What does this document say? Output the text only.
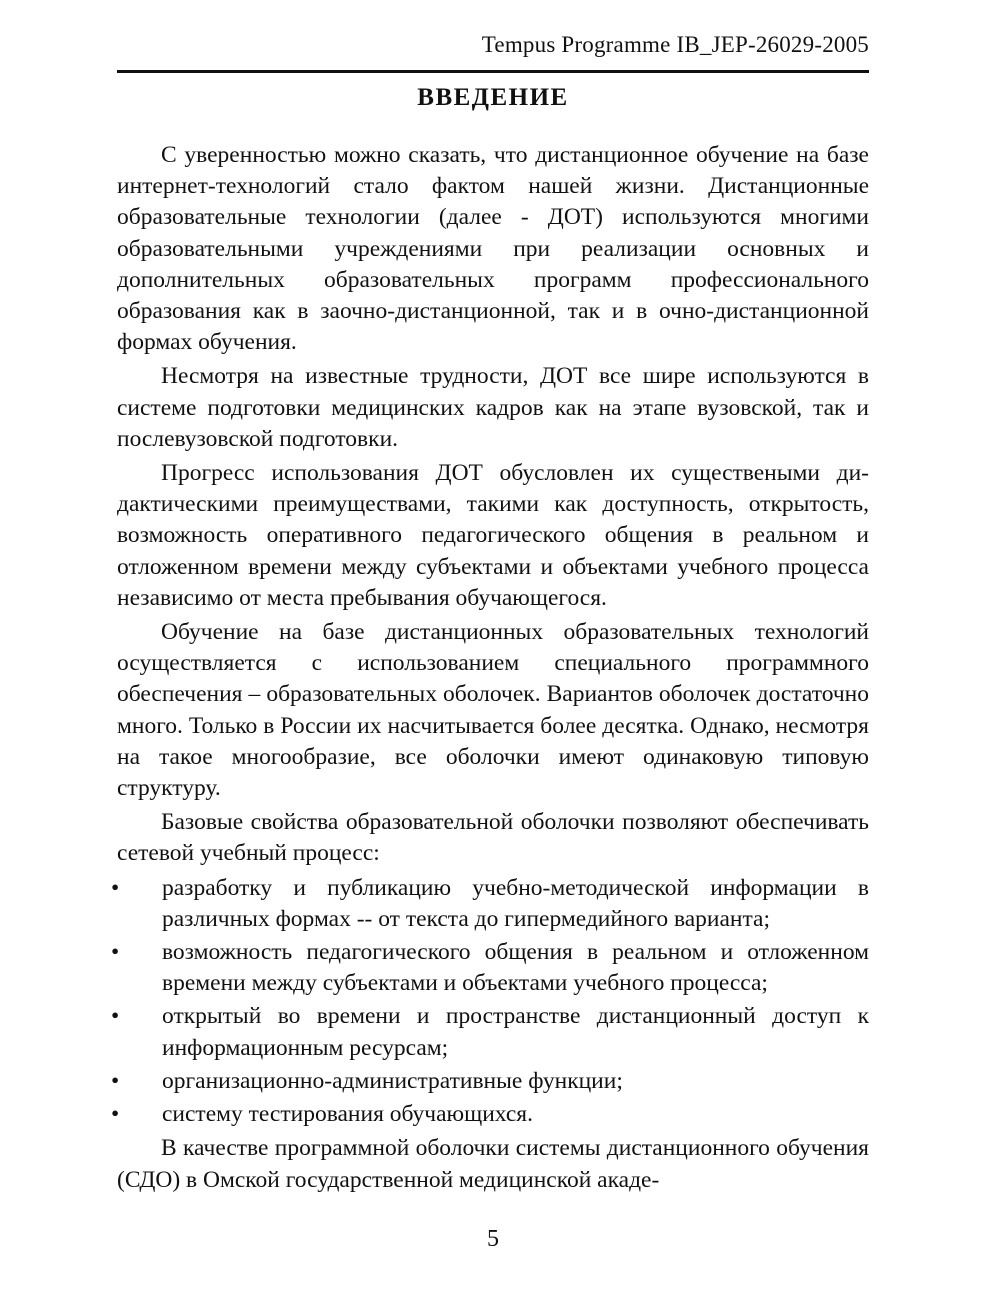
Tempus Programme IB_JEP-26029-2005
ВВЕДЕНИЕ

С уверенностью можно сказать, что дистанционное обучение на базе интернет-технологий стало фактом нашей жизни. Дистанционные образовательные технологии (далее - ДОТ) используются многими образовательными учреждениями при реализации основных и дополнительных образовательных программ профессионального образования как в заочно-дистанционной, так и в очно-дистанционной формах обучения.

Несмотря на известные трудности, ДОТ все шире используются в системе подготовки медицинских кадров как на этапе вузовской, так и послевузовской подготовки.

Прогресс использования ДОТ обусловлен их существеными дидактическими преимуществами, такими как доступность, открытость, возможность оперативного педагогического общения в реальном и отложенном времени между субъектами и объектами учебного процесса независимо от места пребывания обучающегося.

Обучение на базе дистанционных образовательных технологий осуществляется с использованием специального программного обеспечения – образовательных оболочек. Вариантов оболочек достаточно много. Только в России их насчитывается более десятка. Однако, несмотря на такое многообразие, все оболочки имеют одинаковую типовую структуру.

Базовые свойства образовательной оболочки позволяют обеспечивать сетевой учебный процесс:

• разработку и публикацию учебно-методической информации в различных формах -- от текста до гипермедийного варианта;
• возможность педагогического общения в реальном и отложенном времени между субъектами и объектами учебного процесса;
• открытый во времени и пространстве дистанционный доступ к информационным ресурсам;
• организационно-административные функции;
• систему тестирования обучающихся.

В качестве программной оболочки системы дистанционного обучения (СДО) в Омской государственной медицинской акаде-

5
